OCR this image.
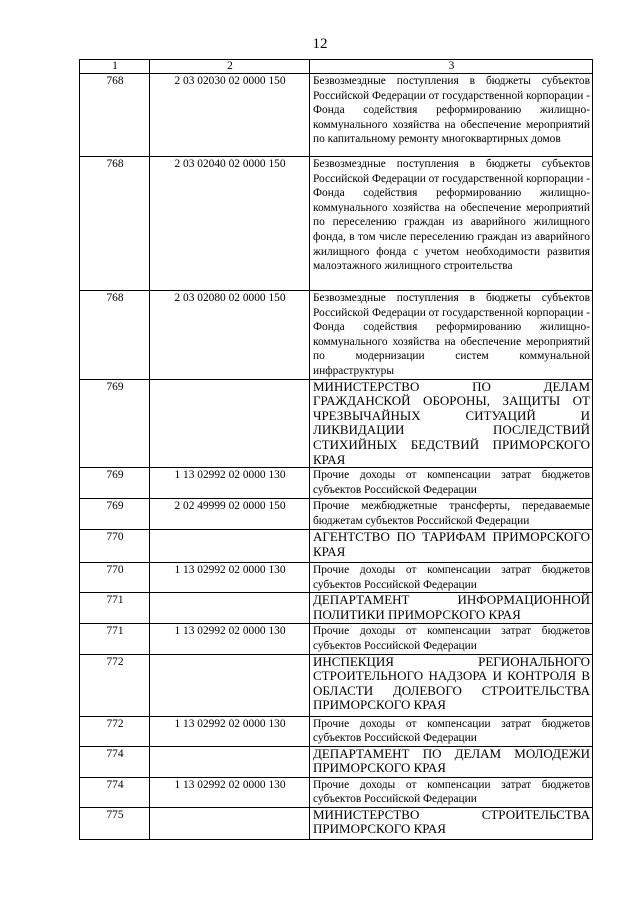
12
1	2	3
768	2 03 02030 02 0000 150	Безвозмездные поступления в бюджеты субъектов Российской Федерации от государственной корпорации - Фонда содействия реформированию жилищно-коммунального хозяйства на обеспечение мероприятий по капитальному ремонту многоквартирных домов
768	2 03 02040 02 0000 150	Безвозмездные поступления в бюджеты субъектов Российской Федерации от государственной корпорации - Фонда содействия реформированию жилищно-коммунального хозяйства на обеспечение мероприятий по переселению граждан из аварийного жилищного фонда, в том числе переселению граждан из аварийного жилищного фонда с учетом необходимости развития малоэтажного жилищного строительства
768	2 03 02080 02 0000 150	Безвозмездные поступления в бюджеты субъектов Российской Федерации от государственной корпорации - Фонда содействия реформированию жилищно-коммунального хозяйства на обеспечение мероприятий по модернизации систем коммунальной инфраструктуры
769		МИНИСТЕРСТВО ПО ДЕЛАМ ГРАЖДАНСКОЙ ОБОРОНЫ, ЗАЩИТЫ ОТ ЧРЕЗВЫЧАЙНЫХ СИТУАЦИЙ И ЛИКВИДАЦИИ ПОСЛЕДСТВИЙ СТИХИЙНЫХ БЕДСТВИЙ ПРИМОРСКОГО КРАЯ
769	1 13 02992 02 0000 130	Прочие доходы от компенсации затрат бюджетов субъектов Российской Федерации
769	2 02 49999 02 0000 150	Прочие межбюджетные трансферты, передаваемые бюджетам субъектов Российской Федерации
770		АГЕНТСТВО ПО ТАРИФАМ ПРИМОРСКОГО КРАЯ
770	1 13 02992 02 0000 130	Прочие доходы от компенсации затрат бюджетов субъектов Российской Федерации
771		ДЕПАРТАМЕНТ ИНФОРМАЦИОННОЙ ПОЛИТИКИ ПРИМОРСКОГО КРАЯ
771	1 13 02992 02 0000 130	Прочие доходы от компенсации затрат бюджетов субъектов Российской Федерации
772		ИНСПЕКЦИЯ РЕГИОНАЛЬНОГО СТРОИТЕЛЬНОГО НАДЗОРА И КОНТРОЛЯ В ОБЛАСТИ ДОЛЕВОГО СТРОИТЕЛЬСТВА ПРИМОРСКОГО КРАЯ
772	1 13 02992 02 0000 130	Прочие доходы от компенсации затрат бюджетов субъектов Российской Федерации
774		ДЕПАРТАМЕНТ ПО ДЕЛАМ МОЛОДЕЖИ ПРИМОРСКОГО КРАЯ
774	1 13 02992 02 0000 130	Прочие доходы от компенсации затрат бюджетов субъектов Российской Федерации
775		МИНИСТЕРСТВО СТРОИТЕЛЬСТВА ПРИМОРСКОГО КРАЯ
